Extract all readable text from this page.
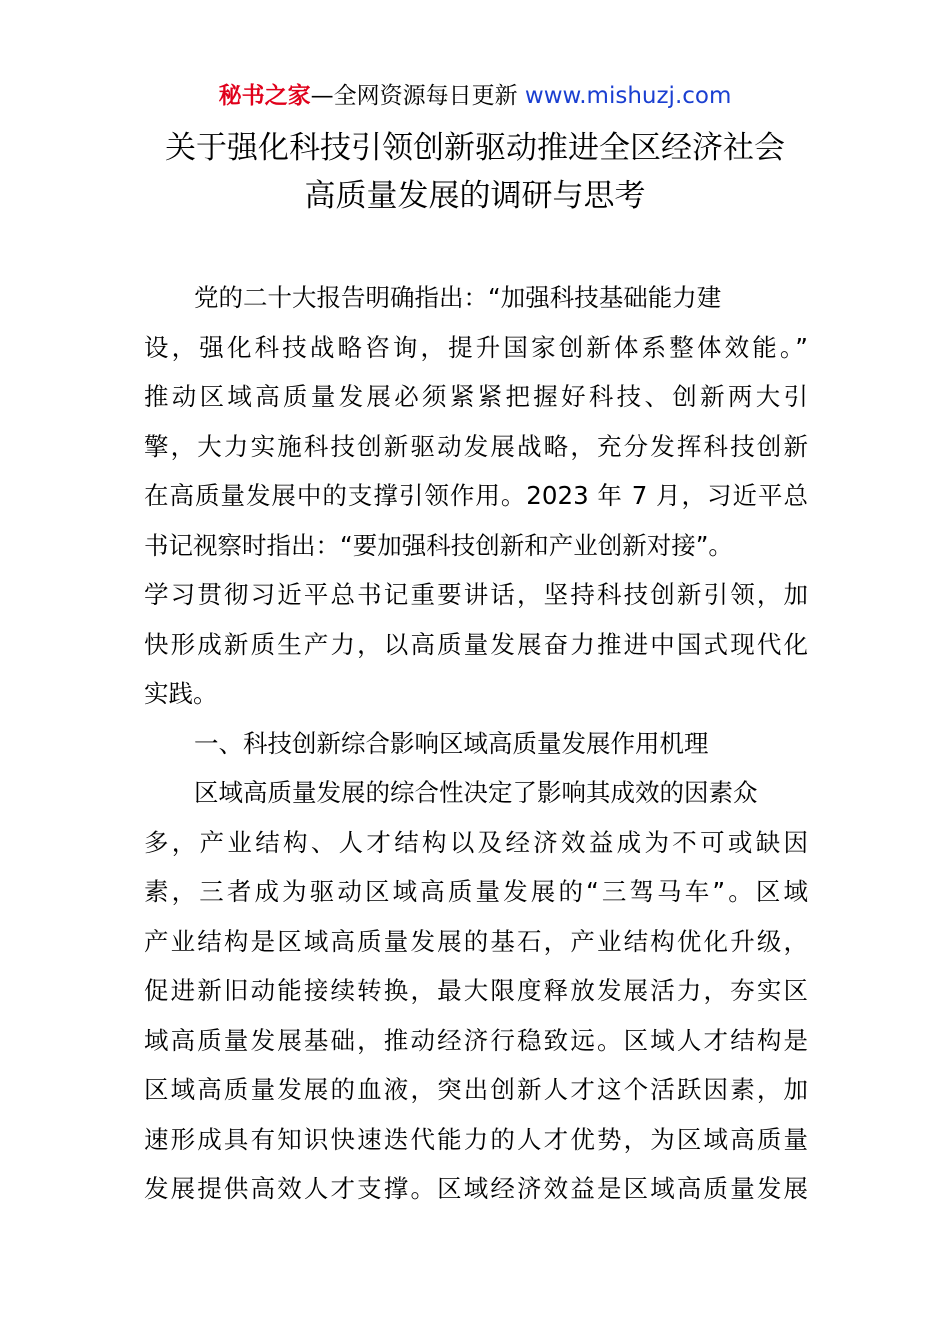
秘书之家—全网资源每日更新 www.mishuzj.com
关于强化科技引领创新驱动推进全区经济社会
高质量发展的调研与思考
党的二十大报告明确指出：“加强科技基础能力建
设，强化科技战略咨询，提升国家创新体系整体效能。”
推动区域高质量发展必须紧紧把握好科技、创新两大引
擎，大力实施科技创新驱动发展战略，充分发挥科技创新
在高质量发展中的支撑引领作用。2023 年 7 月，习近平总
书记视察时指出：“要加强科技创新和产业创新对接”。
学习贯彻习近平总书记重要讲话，坚持科技创新引领，加
快形成新质生产力，以高质量发展奋力推进中国式现代化
实践。
一、科技创新综合影响区域高质量发展作用机理
区域高质量发展的综合性决定了影响其成效的因素众
多，产业结构、人才结构以及经济效益成为不可或缺因
素，三者成为驱动区域高质量发展的“三驾马车”。区域
产业结构是区域高质量发展的基石，产业结构优化升级，
促进新旧动能接续转换，最大限度释放发展活力，夯实区
域高质量发展基础，推动经济行稳致远。区域人才结构是
区域高质量发展的血液，突出创新人才这个活跃因素，加
速形成具有知识快速迭代能力的人才优势，为区域高质量
发展提供高效人才支撑。区域经济效益是区域高质量发展
